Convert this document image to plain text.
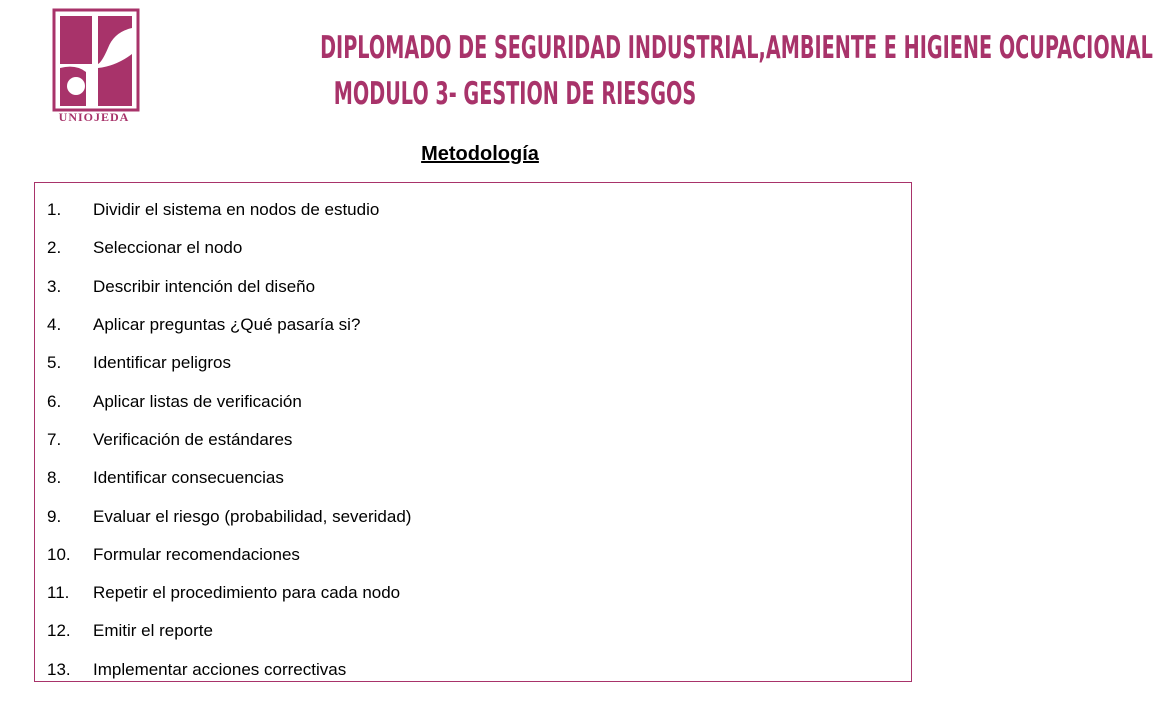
UNIOJEDA
DIPLOMADO DE SEGURIDAD INDUSTRIAL,AMBIENTE E HIGIENE OCUPACIONAL
MODULO 3- GESTION DE RIESGOS
Metodología
1.	Dividir el sistema en nodos de estudio
2.	Seleccionar el nodo
3.	Describir intención del diseño
4.	Aplicar preguntas ¿Qué pasaría si?
5.	Identificar peligros
6.	Aplicar listas de verificación
7.	Verificación de estándares
8.	Identificar consecuencias
9.	Evaluar el riesgo (probabilidad, severidad)
10.	Formular recomendaciones
11.	Repetir el procedimiento para cada nodo
12.	Emitir el reporte
13.	Implementar acciones correctivas
